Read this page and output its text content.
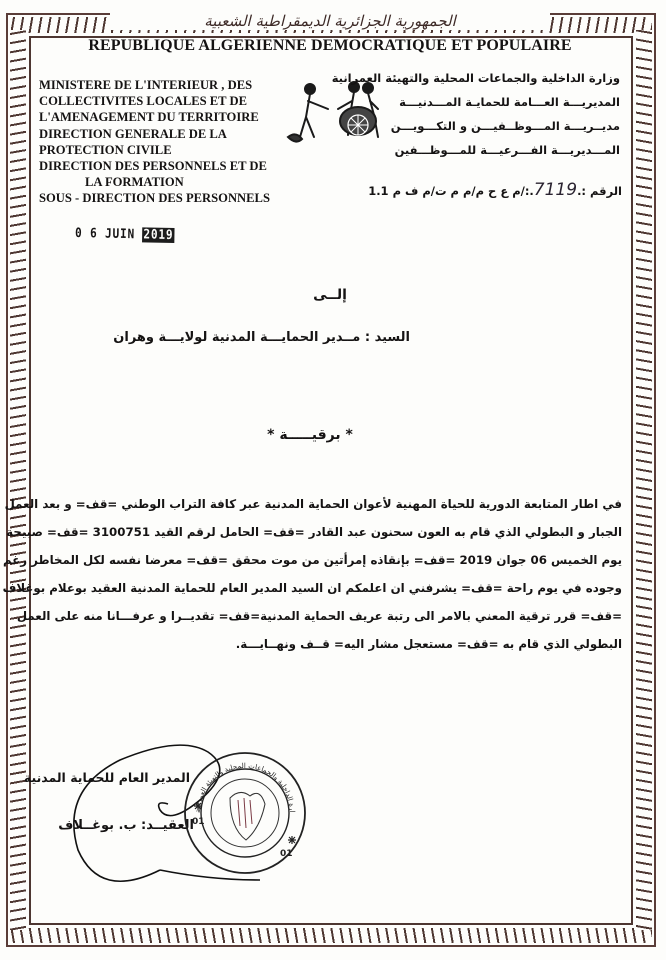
الجمهورية الجزائرية الديمقراطية الشعبية
REPUBLIQUE ALGERIENNE DEMOCRATIQUE ET POPULAIRE
MINISTERE DE L'INTERIEUR , DES
COLLECTIVITES LOCALES ET DE
L'AMENAGEMENT DU TERRITOIRE
DIRECTION GENERALE DE LA
PROTECTION CIVILE
DIRECTION DES PERSONNELS ET DE
LA FORMATION
SOUS - DIRECTION DES PERSONNELS
وزارة الداخلية والجماعات المحلية والتهيئة العمرانية
المديريـــة العـــامة للحمايـة المـــدنيـــة
مديــريـــة المـــوظــفيـــن و التكـــويـــن
المـــديريـــة الفـــرعيـــة للمـــوظـــفين
الرقم :.7119.:/م ع ح م/م م ت/م ف م 1.1
0 6 JUIN 2019
إلــى
السيد : مــدير الحمايـــة المدنية لولايـــة وهران
* برقيـــــة *
في اطار المتابعة الدورية للحياة المهنية لأعوان الحماية المدنية عبر كافة التراب الوطني =قف= و بعد العمل
الجبار و البطولي الذي قام به العون سحنون عبد القادر =قف= الحامل لرقم القيد 3100751 =قف= صبيحة
يوم الخميس 06 جوان 2019 =قف= بإنقاذه إمرأتين من موت محقق =قف= معرضا نفسه لكل المخاطر رغم
وجوده في يوم راحة =قف= يشرفني ان اعلمكم ان السيد المدير العام للحماية المدنية العقيد بوعلام بوغلاف
=قف= قرر ترقية المعني بالامر الى رتبة عريف الحماية المدنية=قف= تقديــرا و عرفـــانا منه على العمل
البطولي الذي قام به =قف= مستعجل مشار اليه= قــف ونهــايـــة.
المدير العام للحماية المدنية
العقيــد: ب. بوغــلاف
01
01
ارة الداخلية والجماعات المحلية والتهيئة العمرانية
